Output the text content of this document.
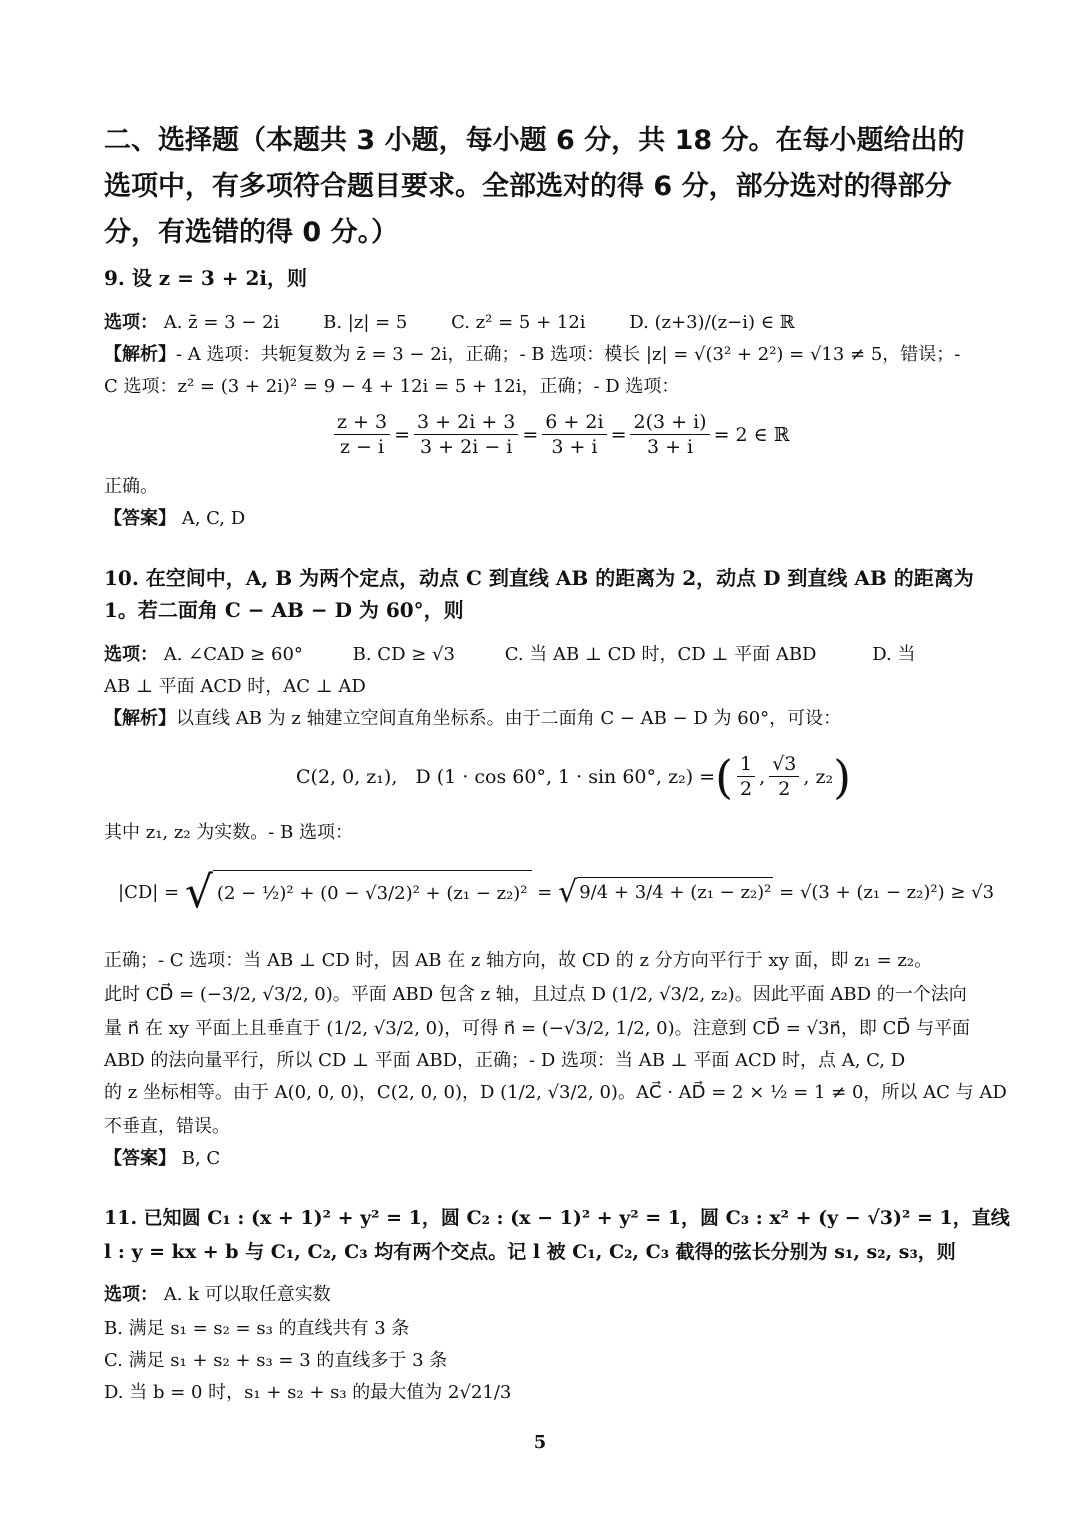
二、选择题（本题共 3 小题，每小题 6 分，共 18 分。在每小题给出的选项中，有多项符合题目要求。全部选对的得 6 分，部分选对的得部分分，有选错的得 0 分。）

9. 设 z = 3 + 2i，则

选项： A. z̄ = 3 − 2i B. |z| = 5 C. z² = 5 + 12i D. (z+3)/(z−i) ∈ ℝ
【解析】- A 选项：共轭复数为 z̄ = 3 − 2i，正确；- B 选项：模长 |z| = √(3² + 2²) = √13 ≠ 5，错误；-
C 选项：z² = (3 + 2i)² = 9 − 4 + 12i = 5 + 12i，正确；- D 选项：
$\frac{z + 3}{z - i} = \frac{3 + 2i + 3}{3 + 2i - i} = \frac{6 + 2i}{3 + i} = \frac{2(3 + i)}{3 + i} = 2$ ∈ ℝ
正确。
【答案】 A, C, D

10. 在空间中，A, B 为两个定点，动点 C 到直线 AB 的距离为 2，动点 D 到直线 AB 的距离为 1。若二面角 C − AB − D 为 60°，则

选项： A. ∠CAD ≥ 60°	B. CD ≥ √3	C. 当 AB ⊥ CD 时，CD ⊥ 平面 ABD	D. 当
AB ⊥ 平面 ACD 时，AC ⊥ AD
【解析】以直线 AB 为 z 轴建立空间直角坐标系。由于二面角 C − AB − D 为 60°，可设：
C(2, 0, z₁),
D (1 · cos 60°, 1 · sin 60°, z₂) = ( $\frac{1}{2}$ , $\frac{√3}{2}$ , z₂ )
其中 z₁, z₂ 为实数。- B 选项：
|CD| =
√ (2 − ½)² + (0 − √3/2)² + (z₁ − z₂)²
=
√ 9/4 + 3/4 + (z₁ − z₂)²
= √(3 + (z₁ − z₂)²) ≥ √3
正确；- C 选项：当 AB ⊥ CD 时，因 AB 在 z 轴方向，故 CD 的 z 分方向平行于 xy 面，即 z₁ = z₂。
此时 CD⃗ = (−3/2, √3/2, 0)。平面 ABD 包含 z 轴，且过点 D (1/2, √3/2, z₂)。因此平面 ABD 的一个法向
量 n⃗ 在 xy 平面上且垂直于 (1/2, √3/2, 0)，可得 n⃗ = (−√3/2, 1/2, 0)。注意到 CD⃗ = √3n⃗，即 CD⃗ 与平面
ABD 的法向量平行，所以 CD ⊥ 平面 ABD，正确；- D 选项：当 AB ⊥ 平面 ACD 时，点 A, C, D
的 z 坐标相等。由于 A(0, 0, 0)，C(2, 0, 0)，D (1/2, √3/2, 0)。AC⃗ · AD⃗ = 2 × ½ = 1 ≠ 0，所以 AC 与 AD
不垂直，错误。
【答案】 B, C

11. 已知圆 C₁ : (x + 1)² + y² = 1，圆 C₂ : (x − 1)² + y² = 1，圆 C₃ : x² + (y − √3)² = 1，直线

l : y = kx + b 与 C₁, C₂, C₃ 均有两个交点。记 l 被 C₁, C₂, C₃ 截得的弦长分别为 s₁, s₂, s₃，则

选项： A. k 可以取任意实数
B. 满足 s₁ = s₂ = s₃ 的直线共有 3 条
C. 满足 s₁ + s₂ + s₃ = 3 的直线多于 3 条
D. 当 b = 0 时，s₁ + s₂ + s₃ 的最大值为 2√21/3
5
